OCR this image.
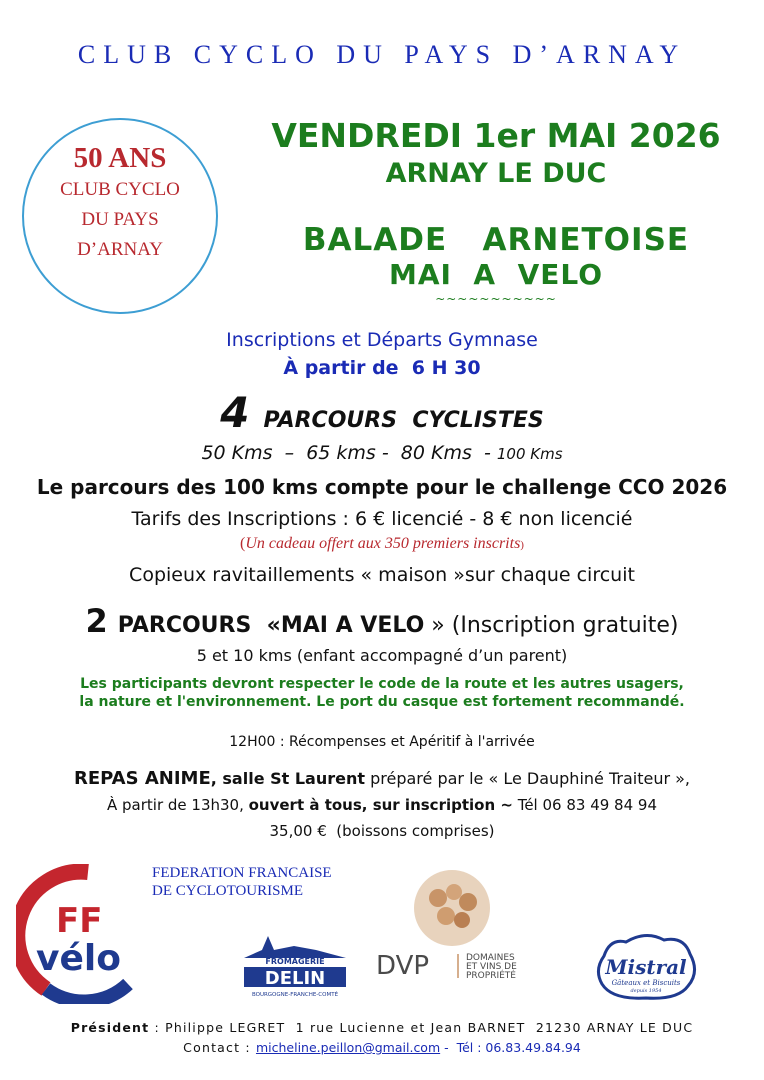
CLUB CYCLO DU PAYS D’ARNAY
50 ANS
CLUB CYCLO
DU PAYS
D’ARNAY
VENDREDI 1er MAI 2026
ARNAY LE DUC
BALADE   ARNETOISE
MAI  A  VELO
~~~~~~~~~~~
Inscriptions et Départs Gymnase
À partir de  6 H 30
4 PARCOURS  CYCLISTES
50 Kms  –  65 kms -  80 Kms  - 100 Kms
Le parcours des 100 kms compte pour le challenge CCO 2026
Tarifs des Inscriptions : 6 € licencié - 8 € non licencié
(Un cadeau offert aux 350 premiers inscrits)
Copieux ravitaillements « maison »sur chaque circuit
2 PARCOURS  «MAI A VELO » (Inscription gratuite)
5 et 10 kms (enfant accompagné d’un parent)
Les participants devront respecter le code de la route et les autres usagers,
la nature et l'environnement. Le port du casque est fortement recommandé.
12H00 : Récompenses et Apéritif à l'arrivée
REPAS ANIME, salle St Laurent préparé par le « Le Dauphiné Traiteur »,
À partir de 13h30, ouvert à tous, sur inscription ~ Tél 06 83 49 84 94
35,00 €  (boissons comprises)
FF
vélo
FEDERATION FRANCAISE
DE CYCLOTOURISME
FROMAGERIE
DELIN
BOURGOGNE-FRANCHE-COMTÉ
DVP	DOMAINES
ET VINS DE
PROPRIÉTÉ	Mistral
Gâteaux et Biscuits
depuis 1954
Président : Philippe LEGRET  1 rue Lucienne et Jean BARNET  21230 ARNAY LE DUC
Contact : micheline.peillon@gmail.com -  Tél : 06.83.49.84.94
